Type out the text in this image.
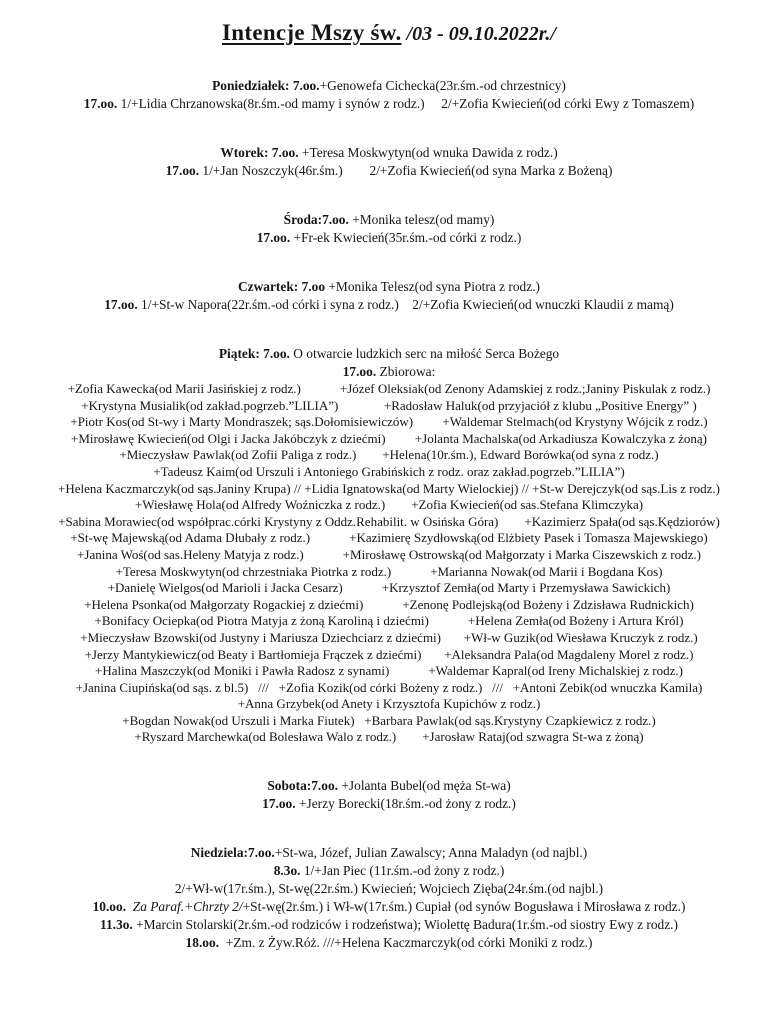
Intencje Mszy św. /03 - 09.10.2022r./
Poniedziałek: 7.oo.+Genowefa Cichecka(23r.śm.-od chrzestnicy)
17.oo. 1/+Lidia Chrzanowska(8r.śm.-od mamy i synów z rodz.)     2/+Zofia Kwiecień(od córki Ewy z Tomaszem)
Wtorek: 7.oo. +Teresa Moskwytyn(od wnuka Dawida z rodz.)
17.oo. 1/+Jan Noszczyk(46r.śm.)        2/+Zofia Kwiecień(od syna Marka z Bożeną)
Środa:7.oo. +Monika telesz(od mamy)
17.oo. +Fr-ek Kwiecień(35r.śm.-od córki z rodz.)
Czwartek: 7.oo +Monika Telesz(od syna Piotra z rodz.)
17.oo. 1/+St-w Napora(22r.śm.-od córki i syna z rodz.)    2/+Zofia Kwiecień(od wnuczki Klaudii z mamą)
Piątek: 7.oo. O otwarcie ludzkich serc na miłość Serca Bożego
17.oo. Zbiorowa:
+Zofia Kawecka(od Marii Jasińskiej z rodz.)            +Józef Oleksiak(od Zenony Adamskiej z rodz.;Janiny Piskulak z rodz.)
+Krystyna Musialik(od zakład.pogrzeb.”LILIA”)              +Radosław Haluk(od przyjaciół z klubu „Positive Energy” )
+Piotr Kos(od St-wy i Marty Mondraszek; sąs.Dołomisiewiczów)         +Waldemar Stelmach(od Krystyny Wójcik z rodz.)
+Mirosławę Kwiecień(od Olgi i Jacka Jakóbczyk z dziećmi)         +Jolanta Machalska(od Arkadiusza Kowalczyka z żoną)
+Mieczysław Pawlak(od Zofii Paliga z rodz.)        +Helena(10r.śm.), Edward Borówka(od syna z rodz.)
+Tadeusz Kaim(od Urszuli i Antoniego Grabińskich z rodz. oraz zakład.pogrzeb.”LILIA”)
+Helena Kaczmarczyk(od sąs.Janiny Krupa) // +Lidia Ignatowska(od Marty Wielockiej) // +St-w Derejczyk(od sąs.Lis z rodz.)
+Wiesławę Hola(od Alfredy Woźniczka z rodz.)        +Zofia Kwiecień(od sas.Stefana Klimczyka)
+Sabina Morawiec(od współprac.córki Krystyny z Oddz.Rehabilit. w Osińska Góra)        +Kazimierz Spała(od sąs.Kędziorów)
+St-wę Majewską(od Adama Dłubały z rodz.)            +Kazimierę Szydłowską(od Elżbiety Pasek i Tomasza Majewskiego)
+Janina Woś(od sas.Heleny Matyja z rodz.)            +Mirosławę Ostrowską(od Małgorzaty i Marka Ciszewskich z rodz.)
+Teresa Moskwytyn(od chrzestniaka Piotrka z rodz.)            +Marianna Nowak(od Marii i Bogdana Kos)
+Danielę Wielgos(od Marioli i Jacka Cesarz)            +Krzysztof Zemła(od Marty i Przemysława Sawickich)
+Helena Psonka(od Małgorzaty Rogackiej z dziećmi)            +Zenonę Podlejską(od Bożeny i Zdzisława Rudnickich)
+Bonifacy Ociepka(od Piotra Matyja z żoną Karoliną i dziećmi)            +Helena Zemła(od Bożeny i Artura Król)
+Mieczysław Bzowski(od Justyny i Mariusza Dziechciarz z dziećmi)       +Wł-w Guzik(od Wiesława Kruczyk z rodz.)
+Jerzy Mantykiewicz(od Beaty i Bartłomieja Frączek z dziećmi)       +Aleksandra Pala(od Magdaleny Morel z rodz.)
+Halina Maszczyk(od Moniki i Pawła Radosz z synami)            +Waldemar Kapral(od Ireny Michalskiej z rodz.)
+Janina Ciupińska(od sąs. z bl.5)   ///   +Zofia Kozik(od córki Bożeny z rodz.)   ///   +Antoni Zebik(od wnuczka Kamila)
+Anna Grzybek(od Anety i Krzysztofa Kupichów z rodz.)
+Bogdan Nowak(od Urszuli i Marka Fiutek)   +Barbara Pawlak(od sąs.Krystyny Czapkiewicz z rodz.)
+Ryszard Marchewka(od Bolesława Walo z rodz.)        +Jarosław Rataj(od szwagra St-wa z żoną)
Sobota:7.oo. +Jolanta Bubel(od męża St-wa)
17.oo. +Jerzy Borecki(18r.śm.-od żony z rodz.)
Niedziela:7.oo.+St-wa, Józef, Julian Zawalscy; Anna Maladyn (od najbl.)
8.3o. 1/+Jan Piec (11r.śm.-od żony z rodz.)
2/+Wł-w(17r.śm.), St-wę(22r.śm.) Kwiecień; Wojciech Zięba(24r.śm.(od najbl.)
10.oo.  Za Paraf.+Chrzty 2/+St-wę(2r.śm.) i Wł-w(17r.śm.) Cupiał (od synów Bogusława i Mirosława z rodz.)
11.3o. +Marcin Stolarski(2r.śm.-od rodziców i rodzeństwa); Wiolettę Badura(1r.śm.-od siostry Ewy z rodz.)
18.oo.  +Zm. z Żyw.Róż. ///+Helena Kaczmarczyk(od córki Moniki z rodz.)
